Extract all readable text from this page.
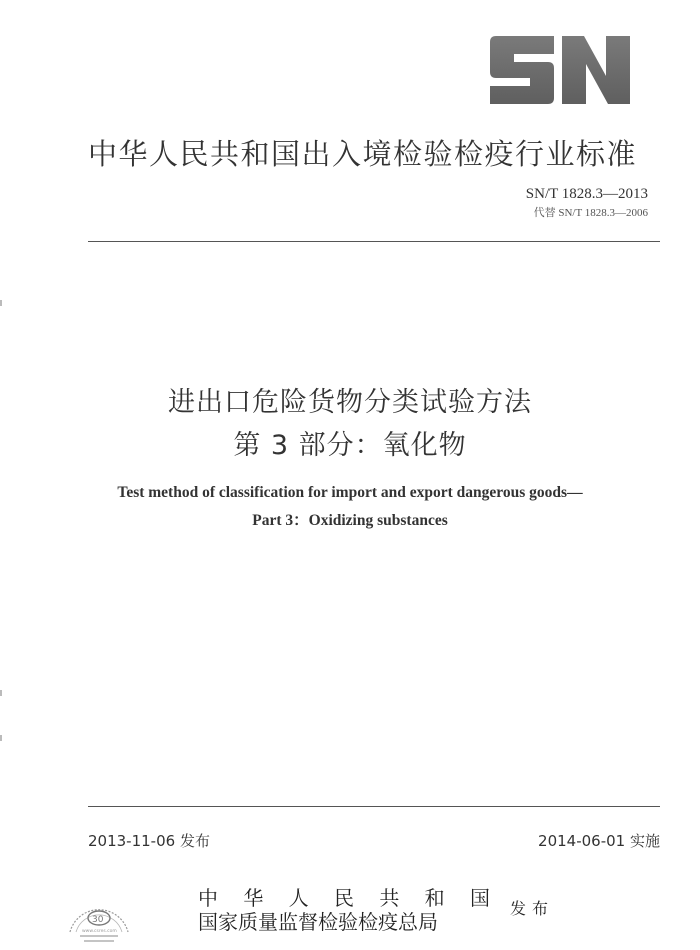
SN
中华人民共和国出入境检验检疫行业标准
SN/T 1828.3—2013
代替 SN/T 1828.3—2006
进出口危险货物分类试验方法
第 3 部分：氧化物
Test method of classification for import and export dangerous goods—
Part 3：Oxidizing substances
2013-11-06 发布	2014-06-01 实施
30
www.csres.com
中 华 人 民 共 和 国
国家质量监督检验检疫总局
发布
